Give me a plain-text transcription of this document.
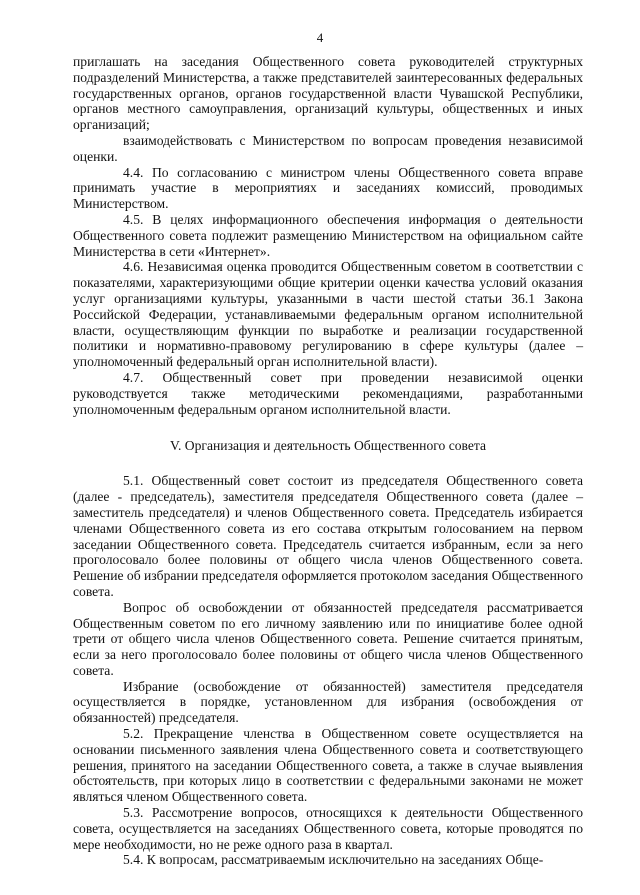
4

приглашать на заседания Общественного совета руководителей структурных подразделений Министерства, а также представителей заинтересованных федеральных государственных органов, органов государственной власти Чувашской Республики, органов местного самоуправления, организаций культуры, общественных и иных организаций;

взаимодействовать с Министерством по вопросам проведения независимой оценки.

4.4. По согласованию с министром члены Общественного совета вправе принимать участие в мероприятиях и заседаниях комиссий, проводимых Министерством.

4.5. В целях информационного обеспечения информация о деятельности Общественного совета подлежит размещению Министерством на официальном сайте Министерства в сети «Интернет».

4.6. Независимая оценка проводится Общественным советом в соответствии с показателями, характеризующими общие критерии оценки качества условий оказания услуг организациями культуры, указанными в части шестой статьи 36.1 Закона Российской Федерации, устанавливаемыми федеральным органом исполнительной власти, осуществляющим функции по выработке и реализации государственной политики и нормативно-правовому регулированию в сфере культуры (далее – уполномоченный федеральный орган исполнительной власти).

4.7. Общественный совет при проведении независимой оценки руководствуется также методическими рекомендациями, разработанными уполномоченным федеральным органом исполнительной власти.

V. Организация и деятельность Общественного совета

5.1. Общественный совет состоит из председателя Общественного совета (далее - председатель), заместителя председателя Общественного совета (далее – заместитель председателя) и членов Общественного совета. Председатель избирается членами Общественного совета из его состава открытым голосованием на первом заседании Общественного совета. Председатель считается избранным, если за него проголосовало более половины от общего числа членов Общественного совета. Решение об избрании председателя оформляется протоколом заседания Общественного совета.

Вопрос об освобождении от обязанностей председателя рассматривается Общественным советом по его личному заявлению или по инициативе более одной трети от общего числа членов Общественного совета. Решение считается принятым, если за него проголосовало более половины от общего числа членов Общественного совета.

Избрание (освобождение от обязанностей) заместителя председателя осуществляется в порядке, установленном для избрания (освобождения от обязанностей) председателя.

5.2. Прекращение членства в Общественном совете осуществляется на основании письменного заявления члена Общественного совета и соответствующего решения, принятого на заседании Общественного совета, а также в случае выявления обстоятельств, при которых лицо в соответствии с федеральными законами не может являться членом Общественного совета.

5.3. Рассмотрение вопросов, относящихся к деятельности Общественного совета, осуществляется на заседаниях Общественного совета, которые проводятся по мере необходимости, но не реже одного раза в квартал.

5.4. К вопросам, рассматриваемым исключительно на заседаниях Обще-
